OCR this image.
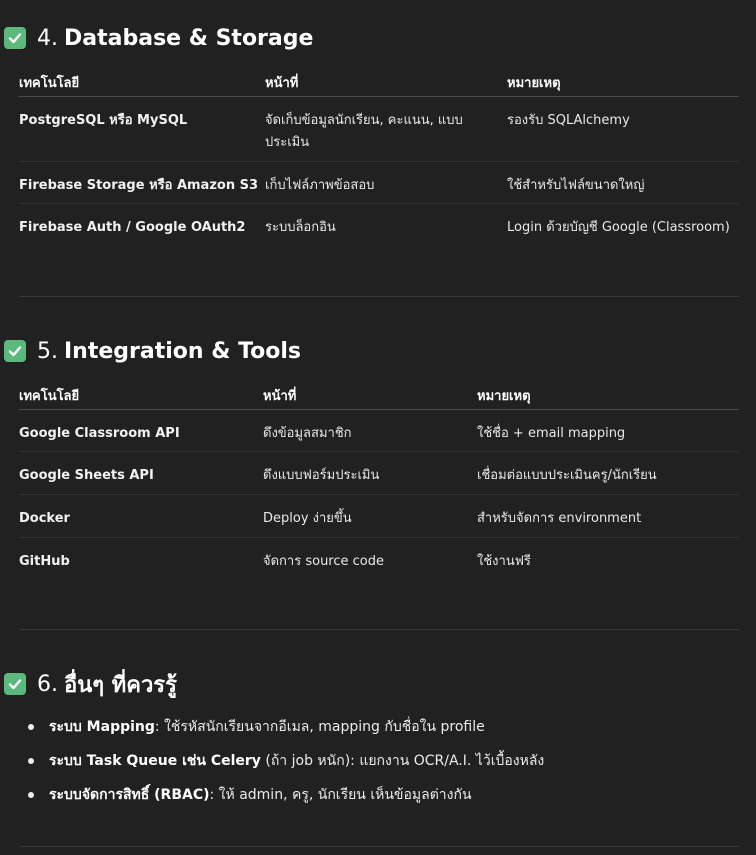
4. Database & Storage
เทคโนโลยี	หน้าที่	หมายเหตุ
PostgreSQL หรือ MySQL	จัดเก็บข้อมูลนักเรียน, คะแนน, แบบประเมิน	รองรับ SQLAlchemy
Firebase Storage หรือ Amazon S3	เก็บไฟล์ภาพข้อสอบ	ใช้สำหรับไฟล์ขนาดใหญ่
Firebase Auth / Google OAuth2	ระบบล็อกอิน	Login ด้วยบัญชี Google (Classroom)
5. Integration & Tools
เทคโนโลยี	หน้าที่	หมายเหตุ
Google Classroom API	ดึงข้อมูลสมาชิก	ใช้ชื่อ + email mapping
Google Sheets API	ดึงแบบฟอร์มประเมิน	เชื่อมต่อแบบประเมินครู/นักเรียน
Docker	Deploy ง่ายขึ้น	สำหรับจัดการ environment
GitHub	จัดการ source code	ใช้งานฟรี
6. อื่นๆ ที่ควรรู้
ระบบ Mapping: ใช้รหัสนักเรียนจากอีเมล, mapping กับชื่อใน profile
ระบบ Task Queue เช่น Celery (ถ้า job หนัก): แยกงาน OCR/A.I. ไว้เบื้องหลัง
ระบบจัดการสิทธิ์ (RBAC): ให้ admin, ครู, นักเรียน เห็นข้อมูลต่างกัน
